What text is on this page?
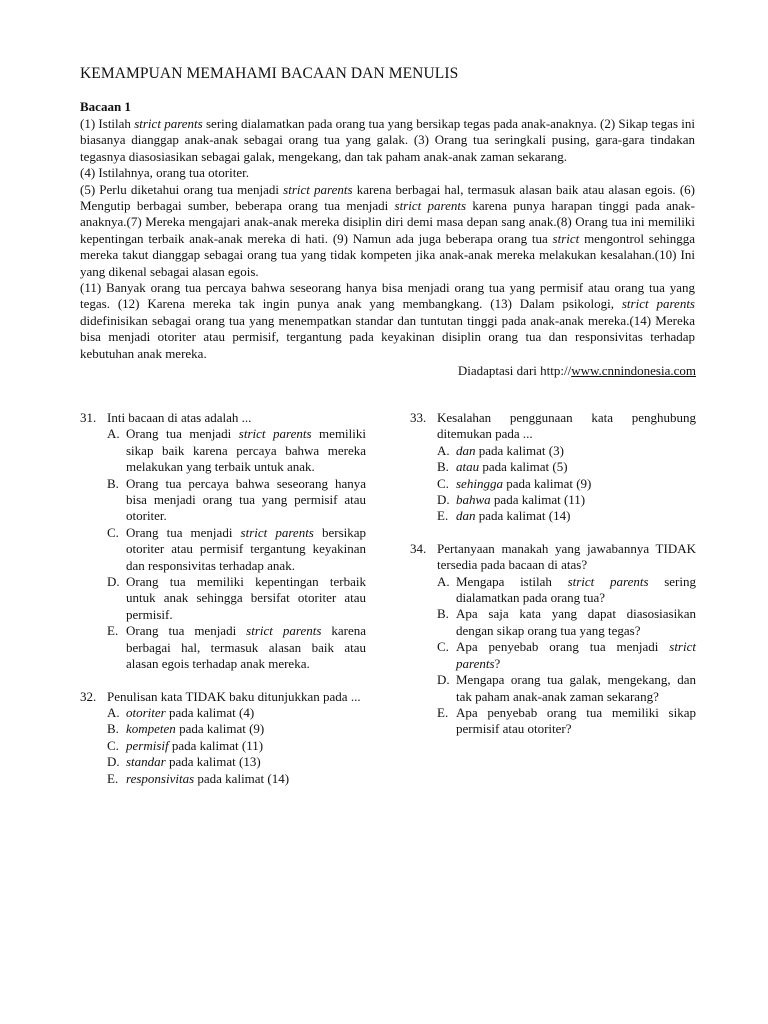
KEMAMPUAN MEMAHAMI BACAAN DAN MENULIS
Bacaan 1

(1) Istilah strict parents sering dialamatkan pada orang tua yang bersikap tegas pada anak-anaknya. (2) Sikap tegas ini biasanya dianggap anak-anak sebagai orang tua yang galak. (3) Orang tua seringkali pusing, gara-gara tindakan tegasnya diasosiasikan sebagai galak, mengekang, dan tak paham anak-anak zaman sekarang.

(4) Istilahnya, orang tua otoriter.

(5) Perlu diketahui orang tua menjadi strict parents karena berbagai hal, termasuk alasan baik atau alasan egois. (6) Mengutip berbagai sumber, beberapa orang tua menjadi strict parents karena punya harapan tinggi pada anak-anaknya.(7) Mereka mengajari anak-anak mereka disiplin diri demi masa depan sang anak.(8) Orang tua ini memiliki kepentingan terbaik anak-anak mereka di hati. (9) Namun ada juga beberapa orang tua strict mengontrol sehingga mereka takut dianggap sebagai orang tua yang tidak kompeten jika anak-anak mereka melakukan kesalahan.(10) Ini yang dikenal sebagai alasan egois.

(11) Banyak orang tua percaya bahwa seseorang hanya bisa menjadi orang tua yang permisif atau orang tua yang tegas. (12) Karena mereka tak ingin punya anak yang membangkang. (13) Dalam psikologi, strict parents didefinisikan sebagai orang tua yang menempatkan standar dan tuntutan tinggi pada anak-anak mereka.(14) Mereka bisa menjadi otoriter atau permisif, tergantung pada keyakinan disiplin orang tua dan responsivitas terhadap kebutuhan anak mereka.

Diadaptasi dari http://www.cnnindonesia.com
31. Inti bacaan di atas adalah ...
A. Orang tua menjadi strict parents memiliki sikap baik karena percaya bahwa mereka melakukan yang terbaik untuk anak.
B. Orang tua percaya bahwa seseorang hanya bisa menjadi orang tua yang permisif atau otoriter.
C. Orang tua menjadi strict parents bersikap otoriter atau permisif tergantung keyakinan dan responsivitas terhadap anak.
D. Orang tua memiliki kepentingan terbaik untuk anak sehingga bersifat otoriter atau permisif.
E. Orang tua menjadi strict parents karena berbagai hal, termasuk alasan baik atau alasan egois terhadap anak mereka.
32. Penulisan kata TIDAK baku ditunjukkan pada ...
A. otoriter pada kalimat (4)
B. kompeten pada kalimat (9)
C. permisif pada kalimat (11)
D. standar pada kalimat (13)
E. responsivitas pada kalimat (14)
33. Kesalahan penggunaan kata penghubung ditemukan pada ...
A. dan pada kalimat (3)
B. atau pada kalimat (5)
C. sehingga pada kalimat (9)
D. bahwa pada kalimat (11)
E. dan pada kalimat (14)
34. Pertanyaan manakah yang jawabannya TIDAK tersedia pada bacaan di atas?
A. Mengapa istilah strict parents sering dialamatkan pada orang tua?
B. Apa saja kata yang dapat diasosiasikan dengan sikap orang tua yang tegas?
C. Apa penyebab orang tua menjadi strict parents?
D. Mengapa orang tua galak, mengekang, dan tak paham anak-anak zaman sekarang?
E. Apa penyebab orang tua memiliki sikap permisif atau otoriter?
